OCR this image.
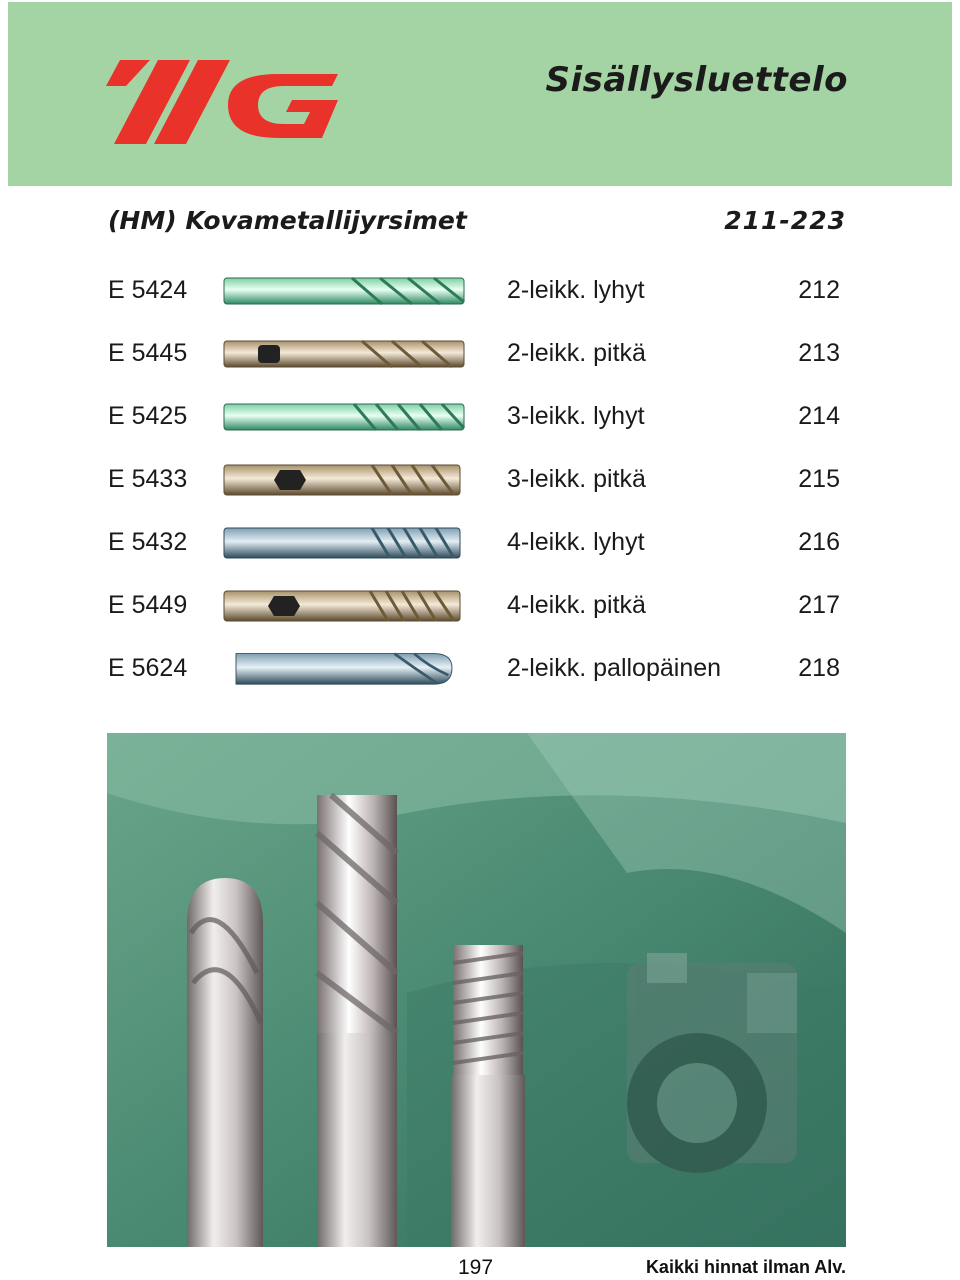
Sisällysluettelo
(HM) Kovametallijyrsimet	211-223
E 5424	2-leikk. lyhyt	212
E 5445	2-leikk. pitkä	213
E 5425	3-leikk. lyhyt	214
E 5433	3-leikk. pitkä	215
E 5432	4-leikk. lyhyt	216
E 5449	4-leikk. pitkä	217
E 5624	2-leikk. pallopäinen	218
197	Kaikki hinnat ilman Alv.
